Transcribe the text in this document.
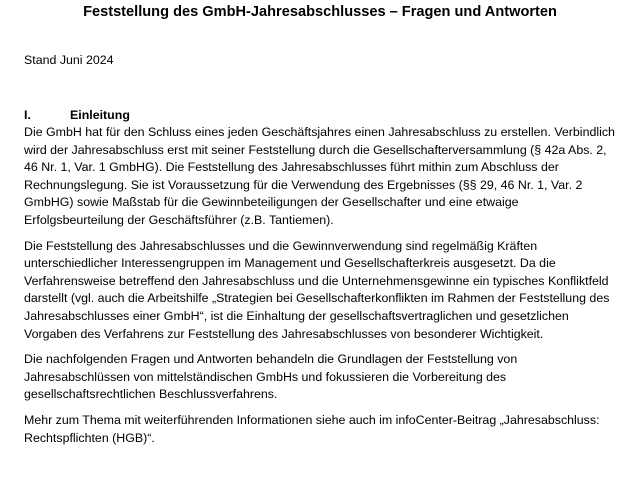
Feststellung des GmbH-Jahresabschlusses – Fragen und Antworten
Stand Juni 2024
I.	Einleitung

Die GmbH hat für den Schluss eines jeden Geschäftsjahres einen Jahresabschluss zu erstellen. Verbindlich wird der Jahresabschluss erst mit seiner Feststellung durch die Gesellschafterversammlung (§ 42a Abs. 2, 46 Nr. 1, Var. 1 GmbHG). Die Feststellung des Jahresabschlusses führt mithin zum Abschluss der Rechnungslegung. Sie ist Voraussetzung für die Verwendung des Ergebnisses (§§ 29, 46 Nr. 1, Var. 2 GmbHG) sowie Maßstab für die Gewinnbeteiligungen der Gesellschafter und eine etwaige Erfolgsbeurteilung der Geschäftsführer (z.B. Tantiemen).

Die Feststellung des Jahresabschlusses und die Gewinnverwendung sind regelmäßig Kräften unterschiedlicher Interessengruppen im Management und Gesellschafterkreis ausgesetzt. Da die Verfahrensweise betreffend den Jahresabschluss und die Unternehmensgewinne ein typisches Konfliktfeld darstellt (vgl. auch die Arbeitshilfe „Strategien bei Gesellschafterkonflikten im Rahmen der Feststellung des Jahresabschlusses einer GmbH“, ist die Einhaltung der gesellschaftsvertraglichen und gesetzlichen Vorgaben des Verfahrens zur Feststellung des Jahresabschlusses von besonderer Wichtigkeit.

Die nachfolgenden Fragen und Antworten behandeln die Grundlagen der Feststellung von Jahresabschlüssen von mittelständischen GmbHs und fokussieren die Vorbereitung des gesellschaftsrechtlichen Beschlussverfahrens.

Mehr zum Thema mit weiterführenden Informationen siehe auch im infoCenter-Beitrag „Jahresabschluss: Rechtspflichten (HGB)“.
